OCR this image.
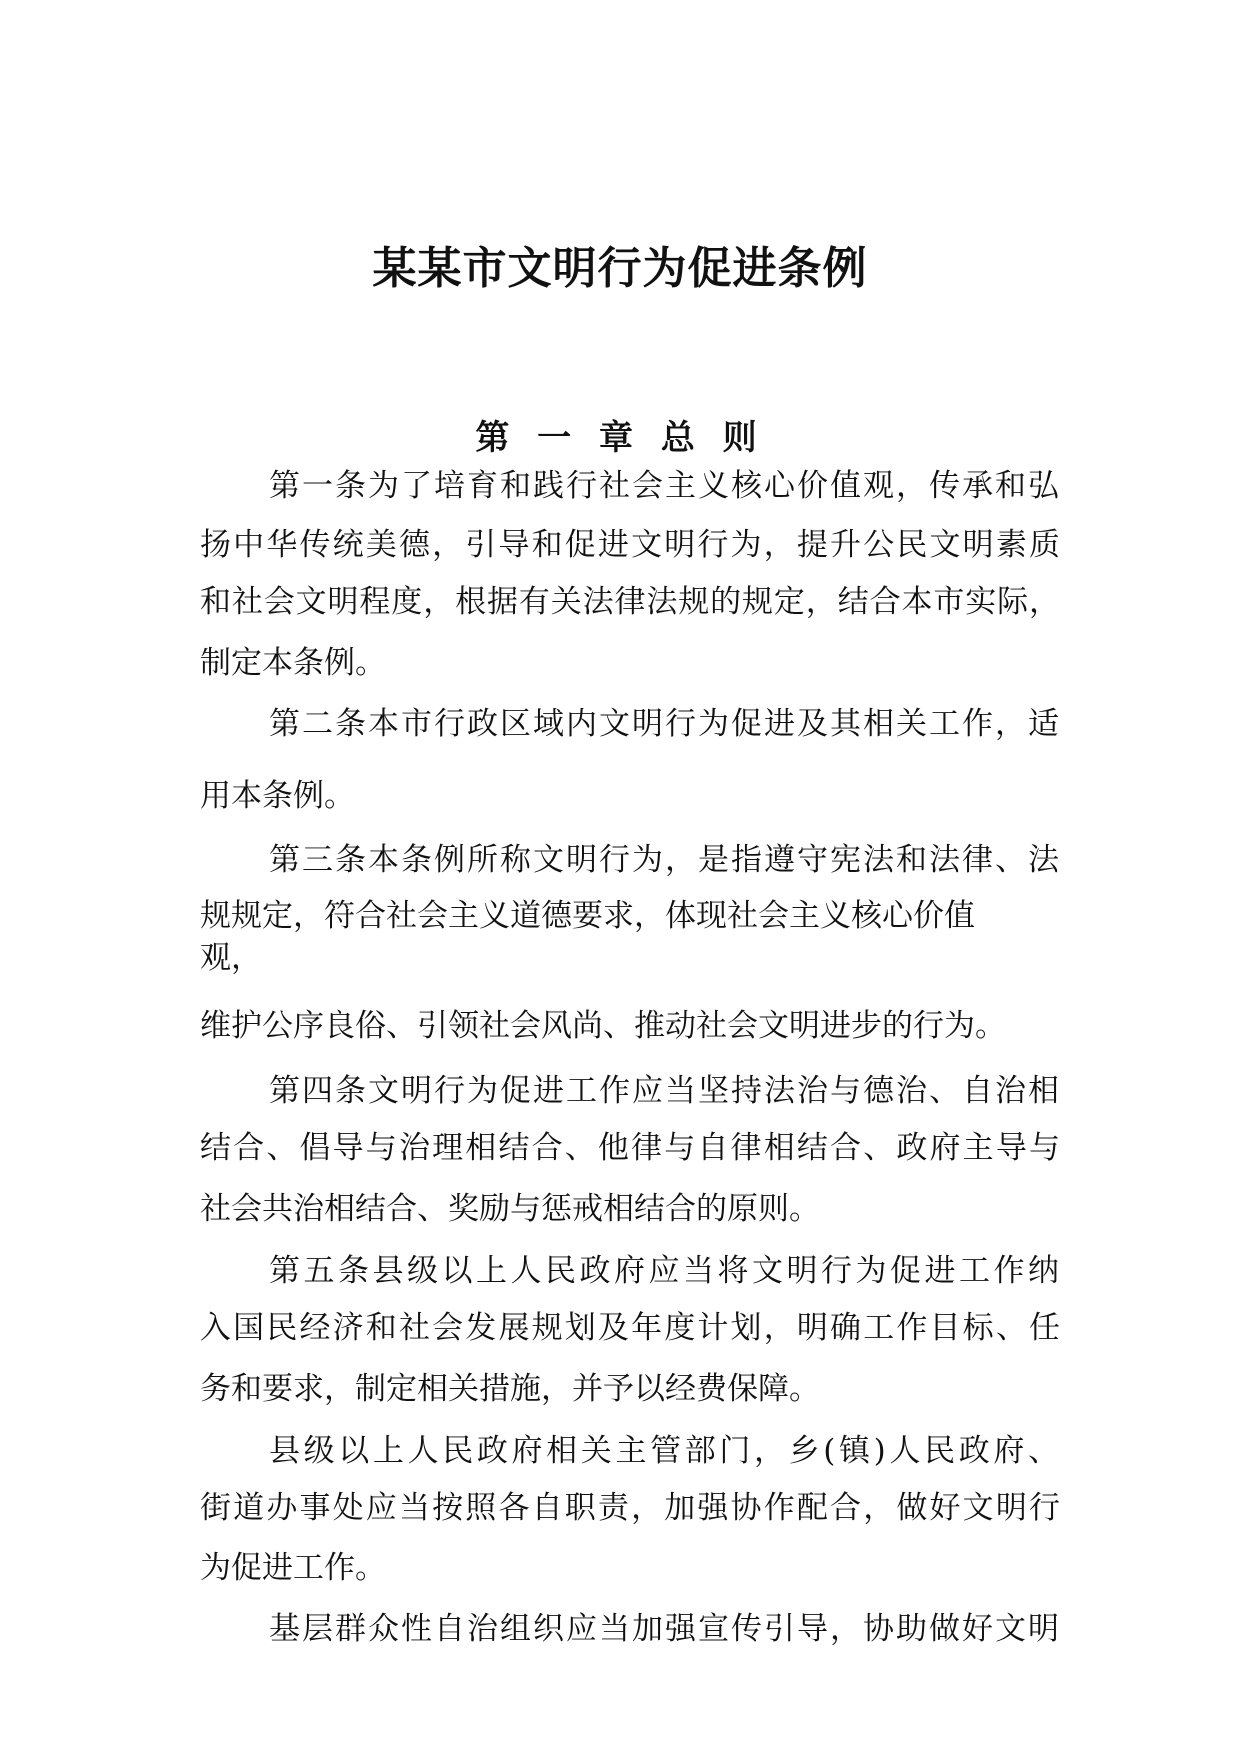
某某市文明行为促进条例
第 一 章 总 则
第一条为了培育和践行社会主义核心价值观，传承和弘
扬中华传统美德，引导和促进文明行为，提升公民文明素质
和社会文明程度，根据有关法律法规的规定，结合本市实际，
制定本条例。
第二条本市行政区域内文明行为促进及其相关工作，适
用本条例。
第三条本条例所称文明行为，是指遵守宪法和法律、法
规规定，符合社会主义道德要求，体现社会主义核心价值
观，
维护公序良俗、引领社会风尚、推动社会文明进步的行为。
第四条文明行为促进工作应当坚持法治与德治、自治相
结合、倡导与治理相结合、他律与自律相结合、政府主导与
社会共治相结合、奖励与惩戒相结合的原则。
第五条县级以上人民政府应当将文明行为促进工作纳
入国民经济和社会发展规划及年度计划，明确工作目标、任
务和要求，制定相关措施，并予以经费保障。
县级以上人民政府相关主管部门，乡(镇)人民政府、
街道办事处应当按照各自职责，加强协作配合，做好文明行
为促进工作。
基层群众性自治组织应当加强宣传引导，协助做好文明
